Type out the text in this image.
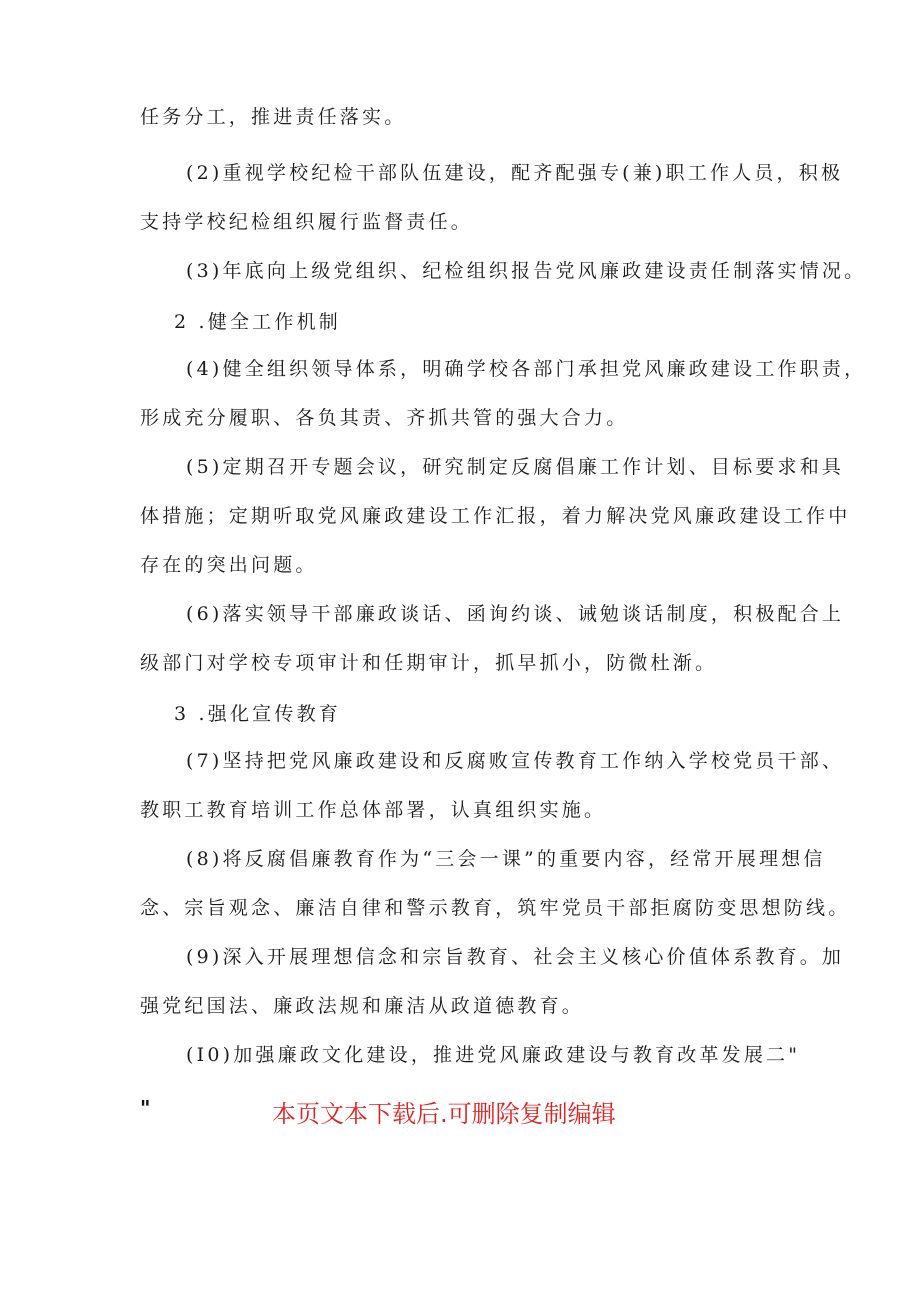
任务分工，推进责任落实。
(2)重视学校纪检干部队伍建设，配齐配强专(兼)职工作人员，积极
支持学校纪检组织履行监督责任。
(3)年底向上级党组织、纪检组织报告党风廉政建设责任制落实情况。
2 .健全工作机制
(4)健全组织领导体系，明确学校各部门承担党风廉政建设工作职责，
形成充分履职、各负其责、齐抓共管的强大合力。
(5)定期召开专题会议，研究制定反腐倡廉工作计划、目标要求和具
体措施；定期听取党风廉政建设工作汇报，着力解决党风廉政建设工作中
存在的突出问题。
(6)落实领导干部廉政谈话、函询约谈、诫勉谈话制度，积极配合上
级部门对学校专项审计和任期审计，抓早抓小，防微杜渐。
3 .强化宣传教育
(7)坚持把党风廉政建设和反腐败宣传教育工作纳入学校党员干部、
教职工教育培训工作总体部署，认真组织实施。
(8)将反腐倡廉教育作为“三会一课”的重要内容，经常开展理想信
念、宗旨观念、廉洁自律和警示教育，筑牢党员干部拒腐防变思想防线。
(9)深入开展理想信念和宗旨教育、社会主义核心价值体系教育。加
强党纪国法、廉政法规和廉洁从政道德教育。
(I0)加强廉政文化建设，推进党风廉政建设与教育改革发展二"
"	本页文本下载后.可删除复制编辑
